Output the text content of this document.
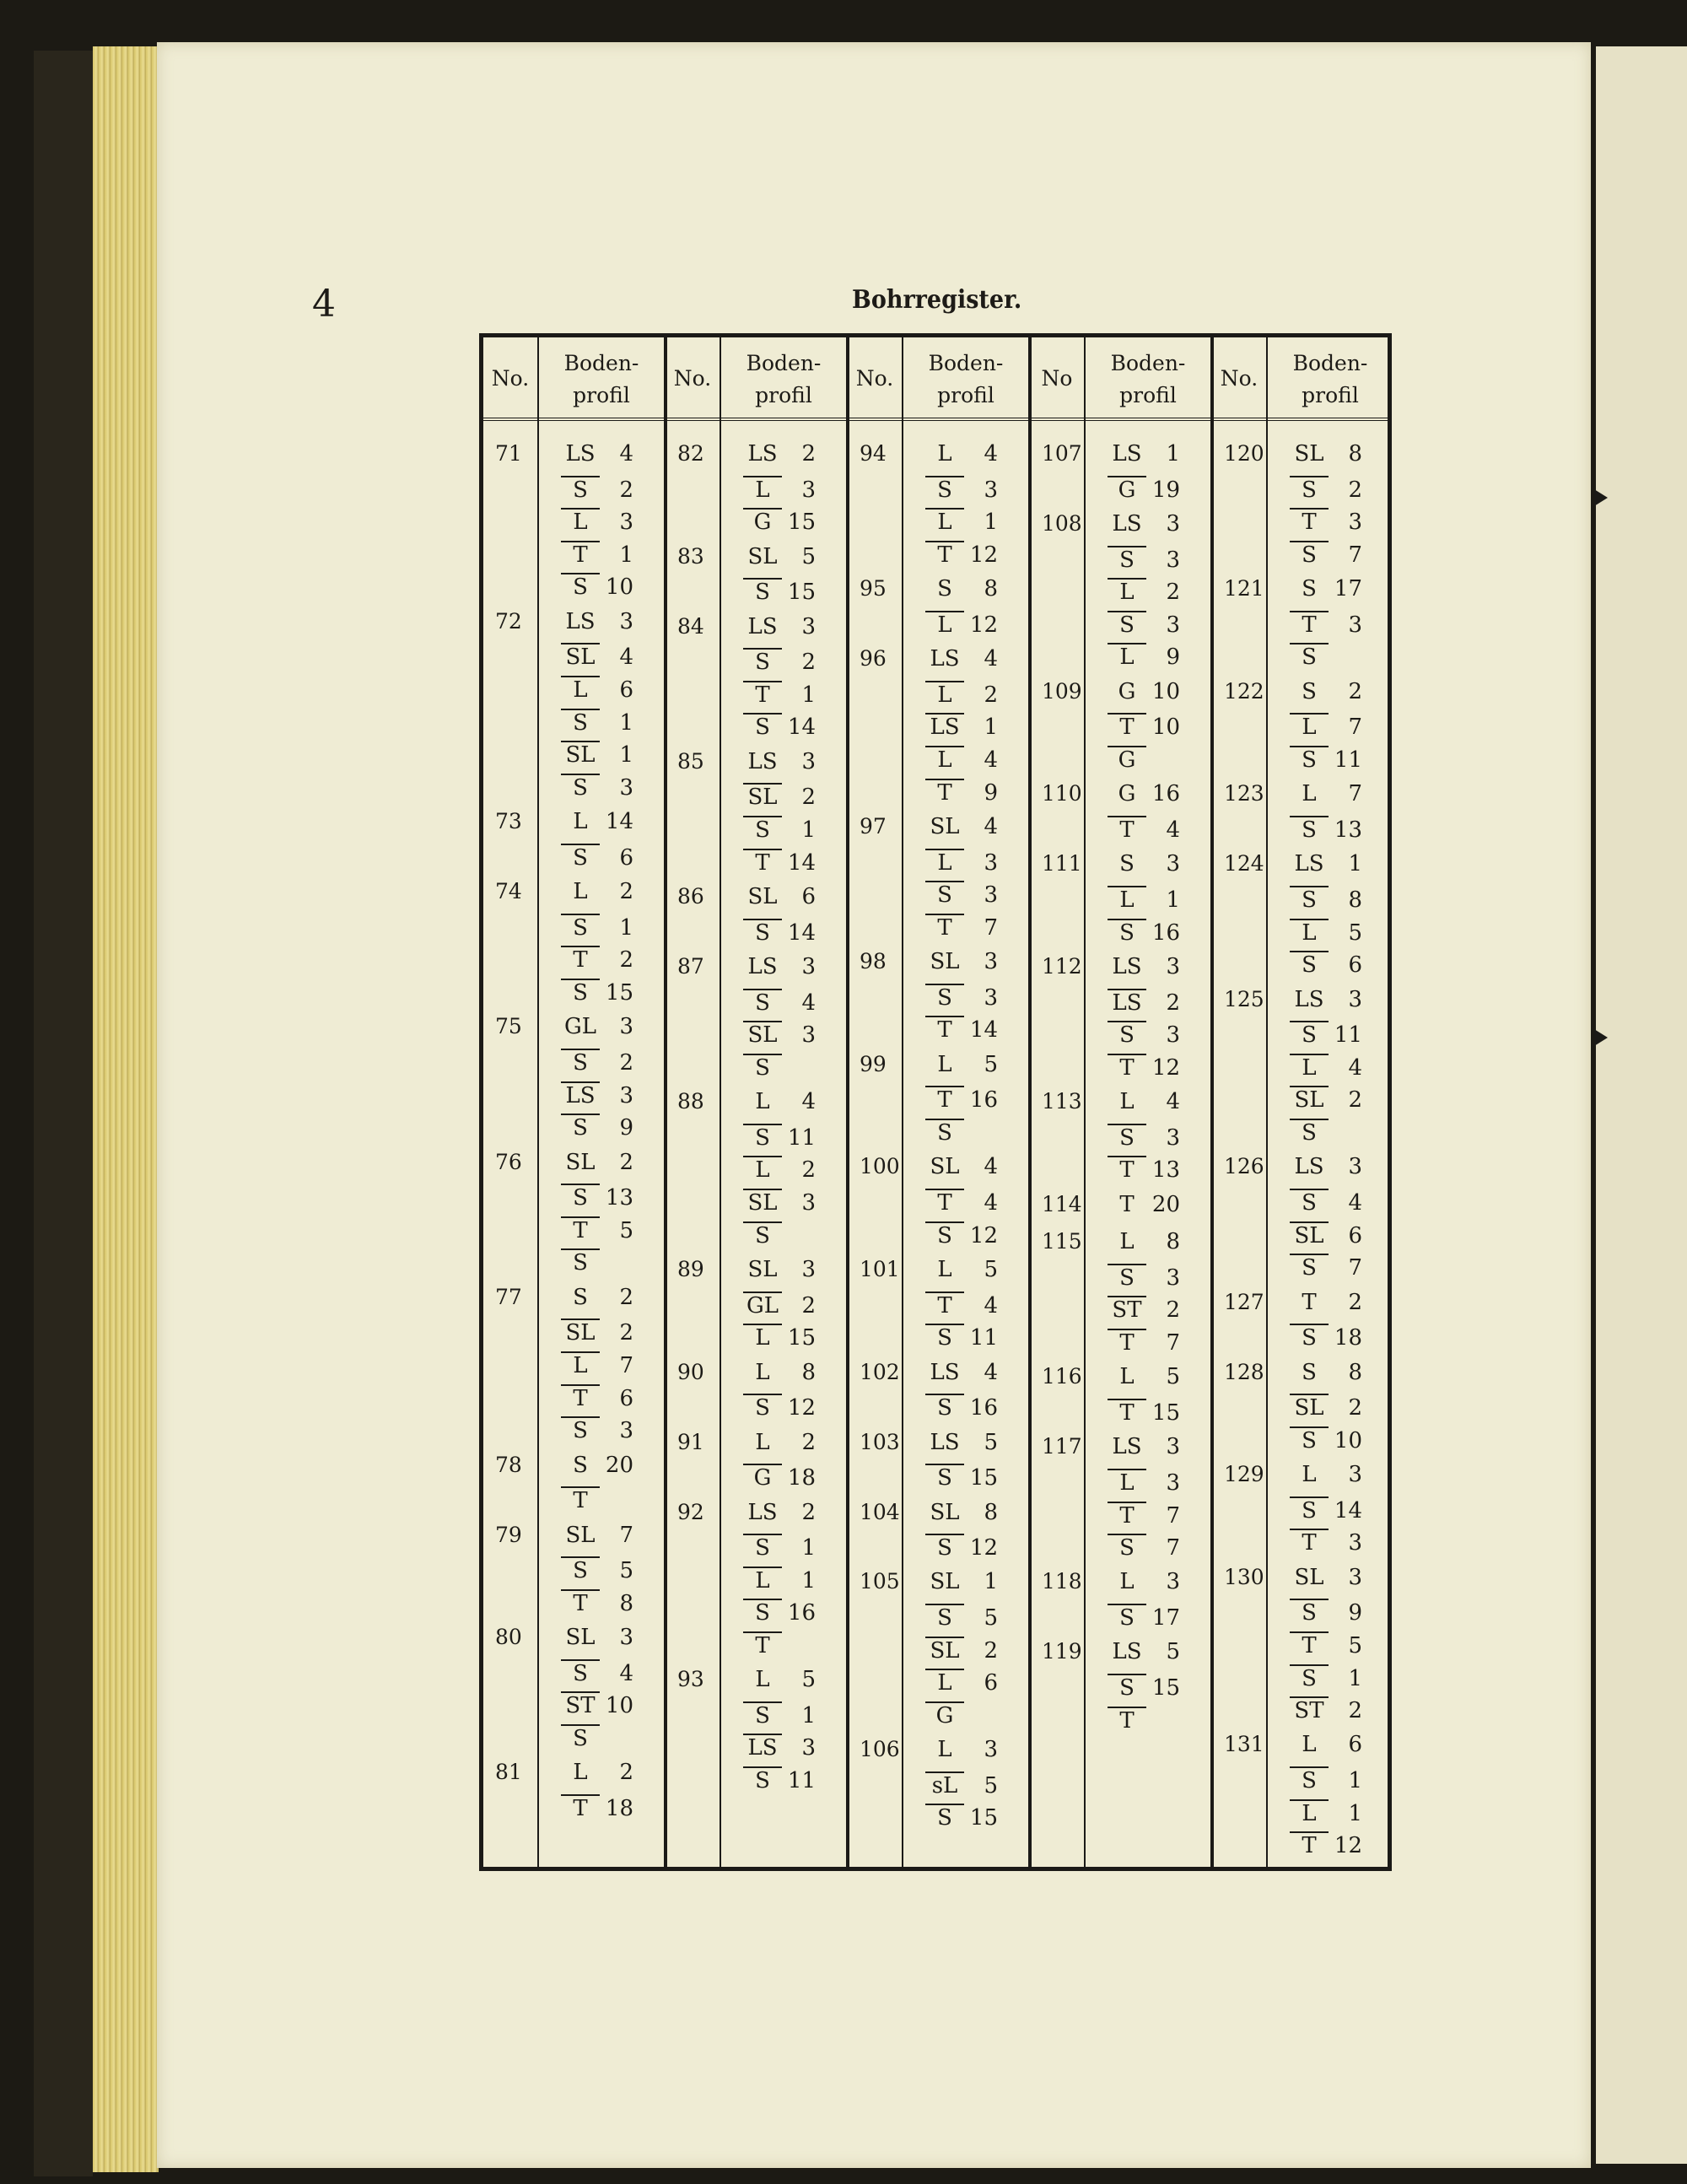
4	Bohrregister.
No.
Boden-
profil
71 LS 4
S 2
L 3
T 1
S 10
72 LS 3
SL 4
L 6
S 1
SL 1
S 3
73	L 14
S 6
74	L 2
S 1
T 2
S 15
75 GL 3
S 2
LS 3
S 9
76 SL 2
S 13
T 5
S
77	S 2
SL 2
L 7
T 6
S 3
78	S 20
T
79 SL 7
S 5
T 8
80 SL 3
S 4
ST 10
S
81	L 2
T 18
No.
Boden-
profil
82 LS 2
L 3
G 15
83 SL 5
S 15
84 LS 3
S 2
T 1
S 14
85 LS 3
SL 2
S 1
T 14
86 SL 6
S 14
87 LS 3
S 4
SL 3
S
88	L 4
S 11
L 2
SL 3
S
89 SL 3
GL 2
L 15
90	L 8
S 12
91	L 2
G 18
92 LS 2
S 1
L 1
S 16
T
93	L 5
S 1
LS 3
S 11
No.
Boden-
profil
94	L 4
S 3
L 1
T 12
95	S 8
L 12
96 LS 4
L 2
LS 1
L 4
T 9
97 SL 4
L 3
S 3
T 7
98 SL 3
S 3
T 14
99	L 5
T 16
S
100 SL 4
T 4
S 12
101	L 5
T 4
S 11
102 LS 4
S 16
103 LS 5
S 15
104 SL 8
S 12
105 SL 1
S 5
SL 2
L 6
G
106	L 3
sL 5
S 15
No
Boden-
profil
107 LS 1
G 19
108 LS 3
S 3
L 2
S 3
L 9
109	G 10
T 10
G
110	G 16
T 4
111	S 3
L 1
S 16
112 LS 3
LS 2
S 3
T 12
113	L 4
S 3
T 13
114	T 20
115	L 8
S 3
ST 2
T 7
116	L 5
T 15
117 LS 3
L 3
T 7
S 7
118	L 3
S 17
119 LS 5
S 15
T
No.
Boden-
profil
120 SL 8
S 2
T 3
S 7
121	S 17
T 3
S
122	S 2
L 7
S 11
123	L 7
S 13
124 LS 1
S 8
L 5
S 6
125 LS 3
S 11
L 4
SL 2
S
126 LS 3
S 4
SL 6
S 7
127	T 2
S 18
128	S 8
SL 2
S 10
129	L 3
S 14
T 3
130 SL 3
S 9
T 5
S 1
ST 2
131	L 6
S 1
L 1
T 12
